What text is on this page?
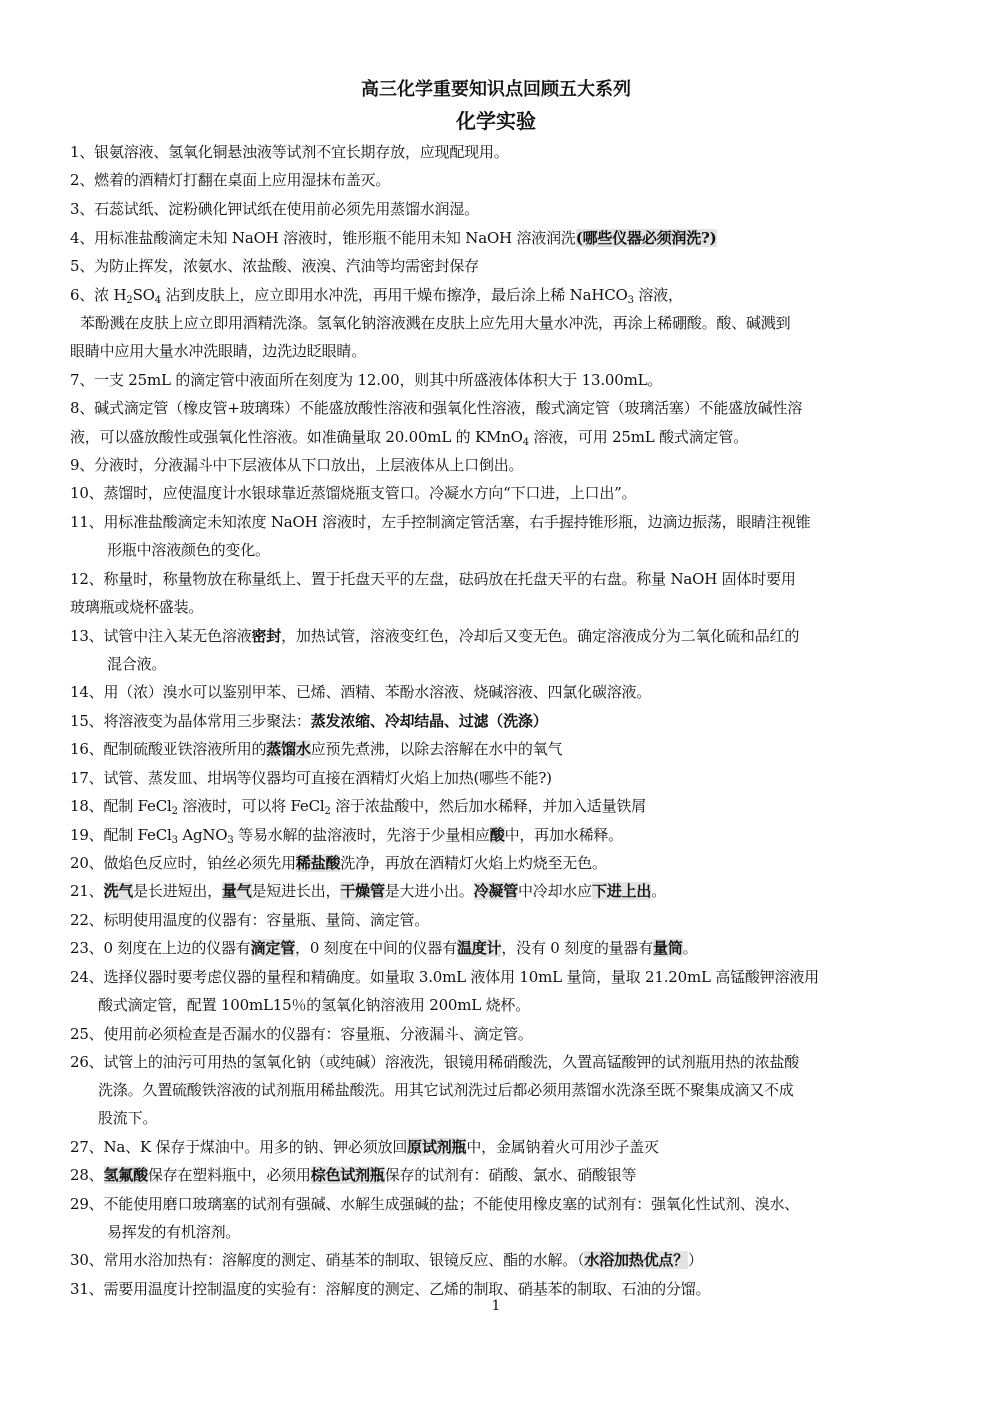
高三化学重要知识点回顾五大系列
化学实验
1、银氨溶液、氢氧化铜悬浊液等试剂不宜长期存放，应现配现用。
2、燃着的酒精灯打翻在桌面上应用湿抹布盖灭。
3、石蕊试纸、淀粉碘化钾试纸在使用前必须先用蒸馏水润湿。
4、用标准盐酸滴定未知 NaOH 溶液时，锥形瓶不能用未知 NaOH 溶液润洗(哪些仪器必须润洗?)
5、为防止挥发，浓氨水、浓盐酸、液溴、汽油等均需密封保存
6、浓 $H_2SO_4$ 沾到皮肤上，应立即用水冲洗，再用干燥布擦净，最后涂上稀 NaHCO$_3$ 溶液，
苯酚溅在皮肤上应立即用酒精洗涤。氢氧化钠溶液溅在皮肤上应先用大量水冲洗，再涂上稀硼酸。酸、碱溅到
眼睛中应用大量水冲洗眼睛，边洗边眨眼睛。
7、一支 25mL 的滴定管中液面所在刻度为 12.00，则其中所盛液体体积大于 13.00mL。
8、碱式滴定管（橡皮管+玻璃珠）不能盛放酸性溶液和强氧化性溶液，酸式滴定管（玻璃活塞）不能盛放碱性溶
液，可以盛放酸性或强氧化性溶液。如准确量取 20.00mL 的 KMnO$_4$ 溶液，可用 25mL 酸式滴定管。
9、分液时，分液漏斗中下层液体从下口放出，上层液体从上口倒出。
10、蒸馏时，应使温度计水银球靠近蒸馏烧瓶支管口。冷凝水方向“下口进，上口出”。
11、用标准盐酸滴定未知浓度 NaOH 溶液时，左手控制滴定管活塞，右手握持锥形瓶，边滴边振荡，眼睛注视锥
形瓶中溶液颜色的变化。
12、称量时，称量物放在称量纸上、置于托盘天平的左盘，砝码放在托盘天平的右盘。称量 NaOH 固体时要用
玻璃瓶或烧杯盛装。
13、试管中注入某无色溶液密封，加热试管，溶液变红色，冷却后又变无色。确定溶液成分为二氧化硫和品红的
混合液。
14、用（浓）溴水可以鉴别甲苯、已烯、酒精、苯酚水溶液、烧碱溶液、四氯化碳溶液。
15、将溶液变为晶体常用三步聚法：蒸发浓缩、冷却结晶、过滤（洗涤）
16、配制硫酸亚铁溶液所用的蒸馏水应预先煮沸，以除去溶解在水中的氧气
17、试管、蒸发皿、坩埚等仪器均可直接在酒精灯火焰上加热(哪些不能?)
18、配制 FeCl$_2$ 溶液时，可以将 FeCl$_2$ 溶于浓盐酸中，然后加水稀释，并加入适量铁屑
19、配制 FeCl$_3$ AgNO$_3$ 等易水解的盐溶液时，先溶于少量相应酸中，再加水稀释。
20、做焰色反应时，铂丝必须先用稀盐酸洗净，再放在酒精灯火焰上灼烧至无色。
21、洗气是长进短出，量气是短进长出，干燥管是大进小出。冷凝管中冷却水应下进上出。
22、标明使用温度的仪器有：容量瓶、量筒、滴定管。
23、0 刻度在上边的仪器有滴定管，0 刻度在中间的仪器有温度计，没有 0 刻度的量器有量筒。
24、选择仪器时要考虑仪器的量程和精确度。如量取 3.0mL 液体用 10mL 量筒，量取 21.20mL 高锰酸钾溶液用
酸式滴定管，配置 100mL15％的氢氧化钠溶液用 200mL 烧杯。
25、使用前必须检查是否漏水的仪器有：容量瓶、分液漏斗、滴定管。
26、试管上的油污可用热的氢氧化钠（或纯碱）溶液洗，银镜用稀硝酸洗，久置高锰酸钾的试剂瓶用热的浓盐酸
洗涤。久置硫酸铁溶液的试剂瓶用稀盐酸洗。用其它试剂洗过后都必须用蒸馏水洗涤至既不聚集成滴又不成
股流下。
27、Na、K 保存于煤油中。用多的钠、钾必须放回原试剂瓶中，金属钠着火可用沙子盖灭
28、氢氟酸保存在塑料瓶中，必须用棕色试剂瓶保存的试剂有：硝酸、氯水、硝酸银等
29、不能使用磨口玻璃塞的试剂有强碱、水解生成强碱的盐；不能使用橡皮塞的试剂有：强氧化性试剂、溴水、
易挥发的有机溶剂。
30、常用水浴加热有：溶解度的测定、硝基苯的制取、银镜反应、酯的水解。（水浴加热优点？）
31、需要用温度计控制温度的实验有：溶解度的测定、乙烯的制取、硝基苯的制取、石油的分馏。
1
